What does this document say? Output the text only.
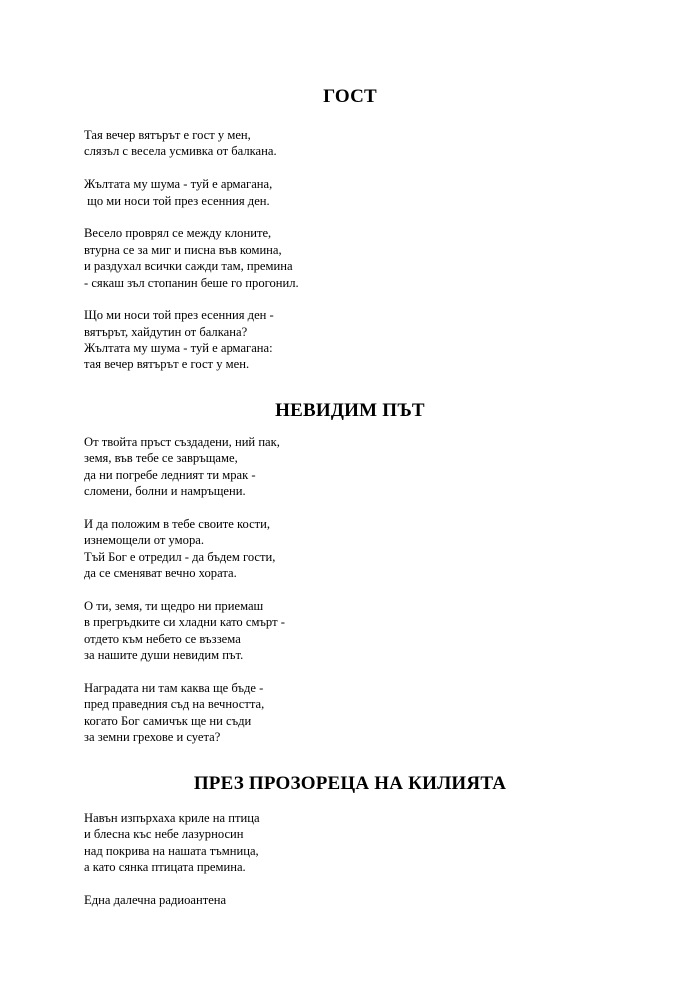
ГОСТ
Тая вечер вятърът е гост у мен,
слязъл с весела усмивка от балкана.
Жълтата му шума - туй е армагана,
що ми носи той през есенния ден.
Весело проврял се между клоните,
втурна се за миг и писна във комина,
и раздухал всички сажди там, премина
- сякаш зъл стопанин беше го прогонил.
Що ми носи той през есенния ден -
вятърът, хайдутин от балкана?
Жълтата му шума - туй е армагана:
тая вечер вятърът е гост у мен.
НЕВИДИМ ПЪТ
От твойта пръст създадени, ний пак,
земя, във тебе се завръщаме,
да ни погребе ледният ти мрак -
сломени, болни и намръщени.
И да положим в тебе своите кости,
изнемощели от умора.
Тъй Бог е отредил - да бъдем гости,
да се сменяват вечно хората.
О ти, земя, ти щедро ни приемаш
в прегръдките си хладни като смърт -
отдето към небето се възземa
за нашите души невидим път.
Наградата ни там каква ще бъде -
пред праведния съд на вечността,
когато Бог самичък ще ни съди
за земни грехове и суета?
ПРЕЗ ПРОЗОРЕЦА НА КИЛИЯТА
Навън изпърхаха криле на птица
и блесна къс небе лазурносин
над покрива на нашата тъмница,
а като сянка птицата премина.
Една далечна радиоантена
